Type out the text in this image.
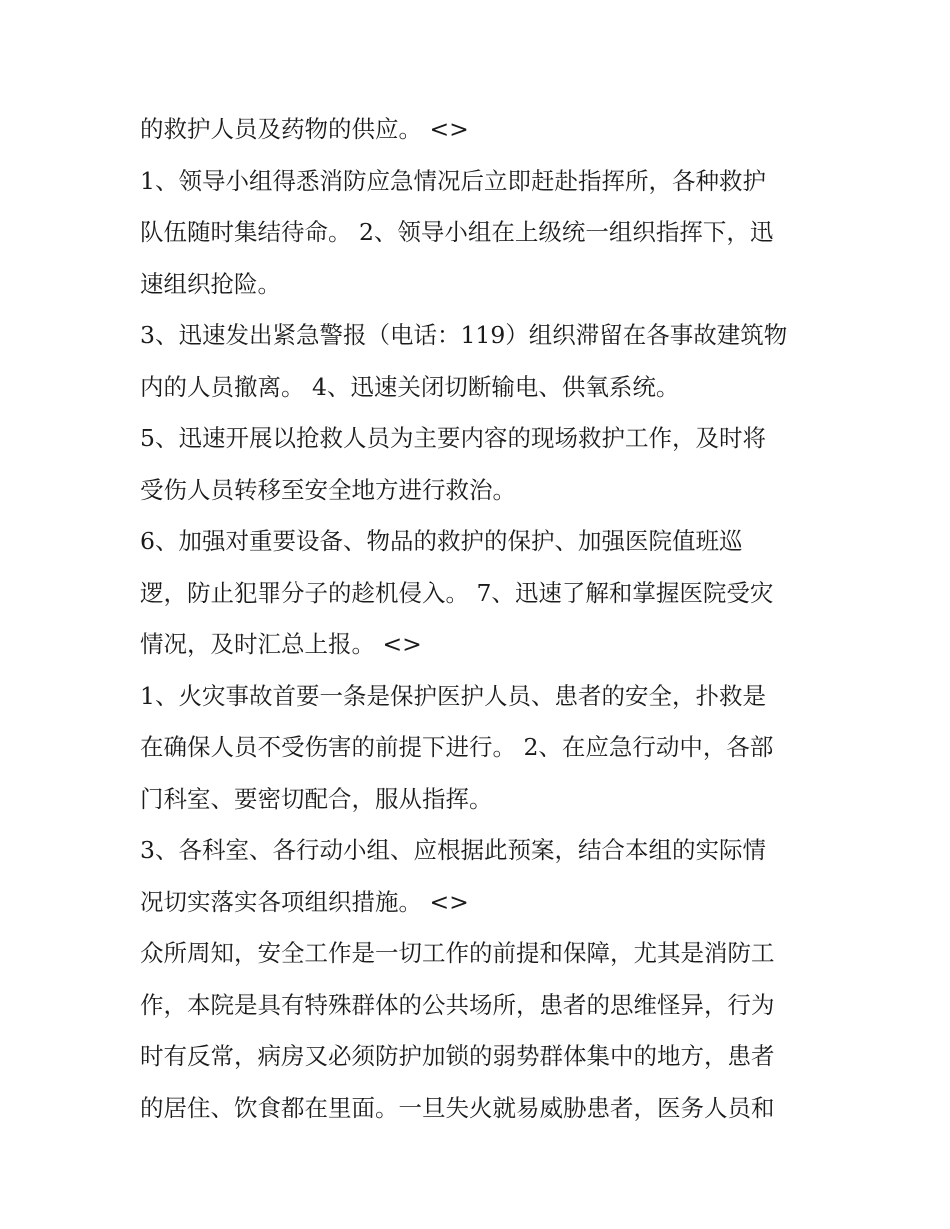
的救护人员及药物的供应。 <>
1、领导小组得悉消防应急情况后立即赶赴指挥所，各种救护
队伍随时集结待命。 2、领导小组在上级统一组织指挥下，迅
速组织抢险。
3、迅速发出紧急警报（电话：119）组织滞留在各事故建筑物
内的人员撤离。 4、迅速关闭切断输电、供氧系统。
5、迅速开展以抢救人员为主要内容的现场救护工作，及时将
受伤人员转移至安全地方进行救治。
6、加强对重要设备、物品的救护的保护、加强医院值班巡
逻，防止犯罪分子的趁机侵入。 7、迅速了解和掌握医院受灾
情况，及时汇总上报。 <>
1、火灾事故首要一条是保护医护人员、患者的安全，扑救是
在确保人员不受伤害的前提下进行。 2、在应急行动中，各部
门科室、要密切配合，服从指挥。
3、各科室、各行动小组、应根据此预案，结合本组的实际情
况切实落实各项组织措施。 <>
众所周知，安全工作是一切工作的前提和保障，尤其是消防工
作，本院是具有特殊群体的公共场所，患者的思维怪异，行为
时有反常，病房又必须防护加锁的弱势群体集中的地方，患者
的居住、饮食都在里面。一旦失火就易威胁患者，医务人员和
